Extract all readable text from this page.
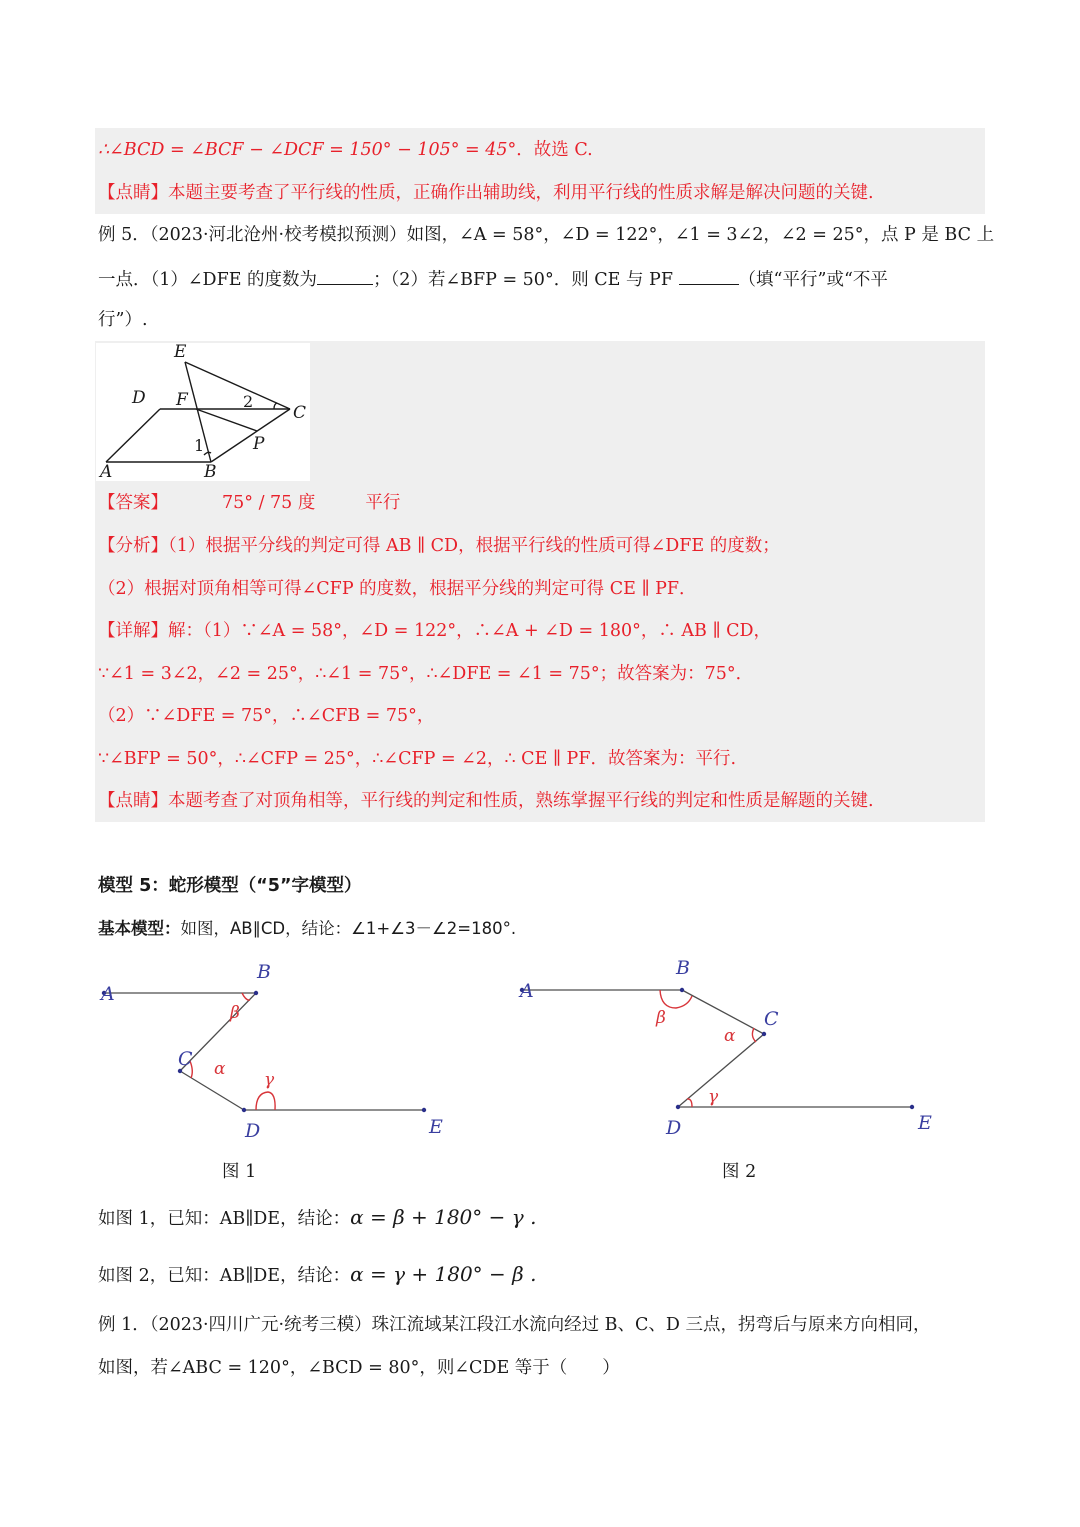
∴∠BCD = ∠BCF − ∠DCF = 150° − 105° = 45°．故选 C.
【点睛】本题主要考查了平行线的性质，正确作出辅助线，利用平行线的性质求解是解决问题的关键.
例 5．（2023·河北沧州·校考模拟预测）如图，∠A = 58°，∠D = 122°，∠1 = 3∠2，∠2 = 25°，点 P 是 BC 上
一点．（1）∠DFE 的度数为	；（2）若∠BFP = 50°．则 CE 与 PF	（填“平行”或“不平
行”）.
E
D F	2
C
1	P
A	B
【答案】	75° / 75 度	平行
【分析】（1）根据平分线的判定可得 AB ∥ CD，根据平行线的性质可得∠DFE 的度数；
（2）根据对顶角相等可得∠CFP 的度数，根据平分线的判定可得 CE ∥ PF．
【详解】解：（1）∵∠A = 58°，∠D = 122°，∴∠A + ∠D = 180°，∴ AB ∥ CD，
∵∠1 = 3∠2，∠2 = 25°，∴∠1 = 75°，∴∠DFE = ∠1 = 75°；故答案为：75°．
（2）∵∠DFE = 75°，∴∠CFB = 75°，
∵∠BFP = 50°，∴∠CFP = 25°，∴∠CFP = ∠2，∴ CE ∥ PF．故答案为：平行.
【点睛】本题考查了对顶角相等，平行线的判定和性质，熟练掌握平行线的判定和性质是解题的关键.
模型 5：蛇形模型（“5”字模型）
基本模型：如图，AB∥CD，结论：∠1+∠3－∠2=180°.
A
B
C
D	E
β
α
γ
图 1
A
B
C
D	E
β
α
γ
图 2
如图 1，已知：AB∥DE，结论：α = β + 180° − γ .
如图 2，已知：AB∥DE，结论：α = γ + 180° − β .
例 1．（2023·四川广元·统考三模）珠江流域某江段江水流向经过 B、C、D 三点，拐弯后与原来方向相同，
如图，若∠ABC = 120°，∠BCD = 80°，则∠CDE 等于（　　）
